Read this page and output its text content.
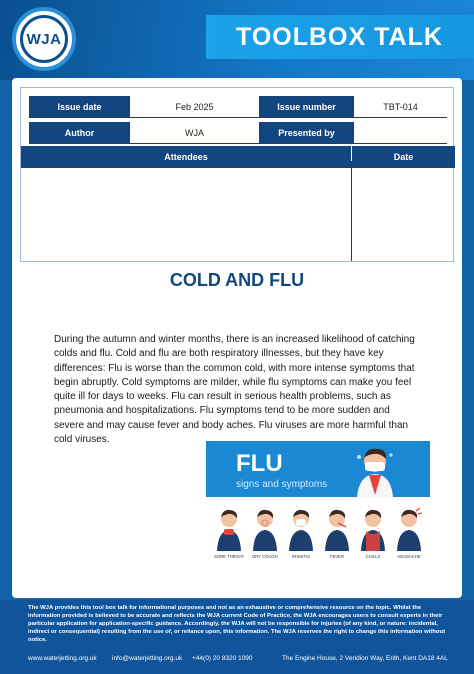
WJA	TOOLBOX TALK
Issue date	Feb 2025	Issue number	TBT-014
Author	WJA	Presented by
Attendees	Date
COLD AND FLU

During the autumn and winter months, there is an increased likelihood of catching colds and flu. Cold and flu are both respiratory illnesses, but they have key differences: Flu is worse than the common cold, with more intense symptoms that begin abruptly. Cold symptoms are milder, while flu symptoms can make you feel quite ill for days to weeks. Flu can result in serious health problems, such as pneumonia and hospitalizations. Flu symptoms tend to be more sudden and severe and may cause fever and body aches. Flu viruses are more harmful than cold viruses.

FLU
signs and symptoms
SORE THROAT DRY COUGH	RHINITIS	FEVER	CHILLS	HEADACHE

The WJA provides this tool box talk for informational purposes and not as an exhaustive or comprehensive resource on the topic. Whilst the information provided is believed to be accurate and reflects the WJA current Code of Practice, the WJA encourages users to consult experts in their particular application for application-specific guidance. Accordingly, the WJA will not be responsible for injuries (of any kind, or nature: incidental, indirect or consequential) resulting from the use of, or reliance upon, this information. The WJA reserves the right to change this information without notice.

www.waterjetting.org.uk info@waterjetting.org.uk +44(0) 20 8320 1090	The Engine House, 2 Veridion Way, Erith, Kent DA18 4AL
